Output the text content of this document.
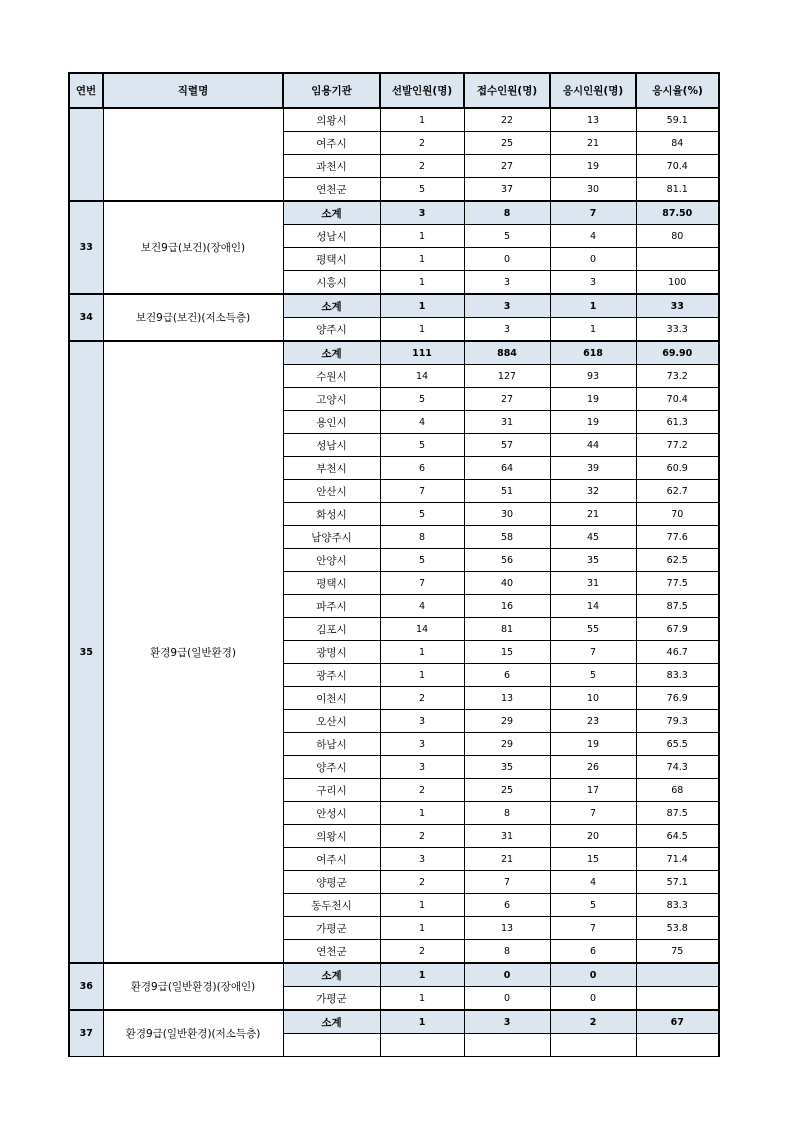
연번	직렬명	임용기관	선발인원(명)	접수인원(명)	응시인원(명)	응시율(%)
		의왕시	1	22	13	59.1
		여주시	2	25	21	84
		과천시	2	27	19	70.4
		연천군	5	37	30	81.1
33	보건9급(보건)(장애인)	소계	3	8	7	87.50
		성남시	1	5	4	80
		평택시	1	0	0	
		시흥시	1	3	3	100
34	보건9급(보건)(저소득층)	소계	1	3	1	33
		양주시	1	3	1	33.3
35	환경9급(일반환경)	소계	111	884	618	69.90
		수원시	14	127	93	73.2
		고양시	5	27	19	70.4
		용인시	4	31	19	61.3
		성남시	5	57	44	77.2
		부천시	6	64	39	60.9
		안산시	7	51	32	62.7
		화성시	5	30	21	70
		남양주시	8	58	45	77.6
		안양시	5	56	35	62.5
		평택시	7	40	31	77.5
		파주시	4	16	14	87.5
		김포시	14	81	55	67.9
		광명시	1	15	7	46.7
		광주시	1	6	5	83.3
		이천시	2	13	10	76.9
		오산시	3	29	23	79.3
		하남시	3	29	19	65.5
		양주시	3	35	26	74.3
		구리시	2	25	17	68
		안성시	1	8	7	87.5
		의왕시	2	31	20	64.5
		여주시	3	21	15	71.4
		양평군	2	7	4	57.1
		동두천시	1	6	5	83.3
		가평군	1	13	7	53.8
		연천군	2	8	6	75
36	환경9급(일반환경)(장애인)	소계	1	0	0	
		가평군	1	0	0	
37	환경9급(일반환경)(저소득층)	소계	1	3	2	67
